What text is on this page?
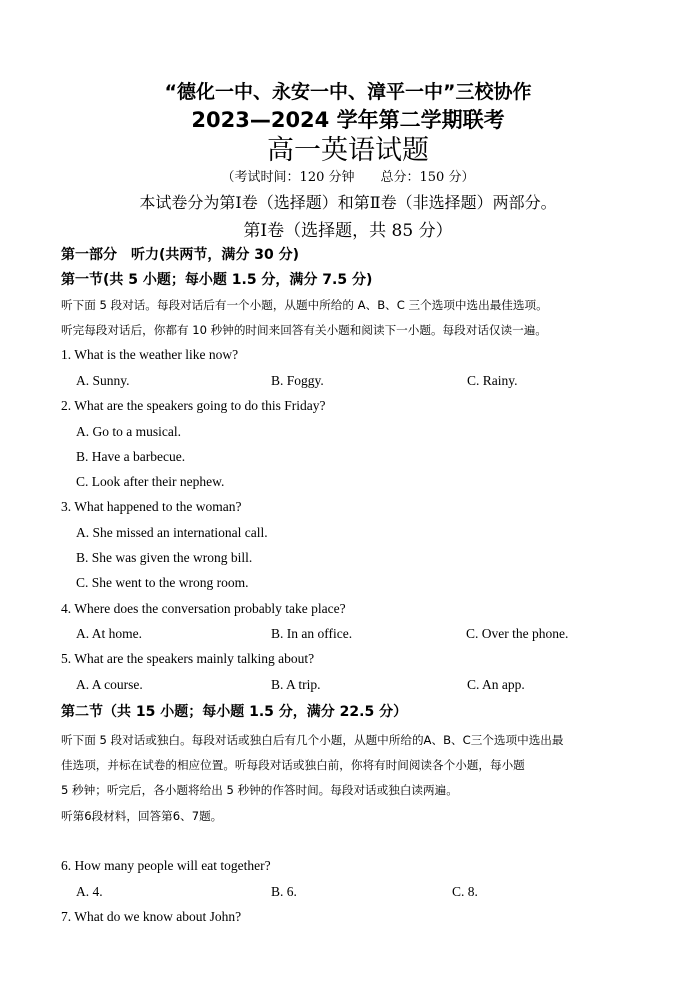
“德化一中、永安一中、漳平一中”三校协作
2023—2024 学年第二学期联考
高一英语试题
（考试时间：120 分钟　　总分：150 分）
本试卷分为第Ⅰ卷（选择题）和第Ⅱ卷（非选择题）两部分。
第Ⅰ卷（选择题，共 85 分）
第一部分　听力(共两节，满分 30 分)
第一节(共 5 小题；每小题 1.5 分，满分 7.5 分)
听下面 5 段对话。每段对话后有一个小题，从题中所给的 A、B、C 三个选项中选出最佳选项。
听完每段对话后，你都有 10 秒钟的时间来回答有关小题和阅读下一小题。每段对话仅读一遍。
1. What is the weather like now?
A. Sunny.	B. Foggy.	C. Rainy.
2. What are the speakers going to do this Friday?
A. Go to a musical.
B. Have a barbecue.
C. Look after their nephew.
3. What happened to the woman?
A. She missed an international call.
B. She was given the wrong bill.
C. She went to the wrong room.
4. Where does the conversation probably take place?
A. At home.	B. In an office.	C. Over the phone.
5. What are the speakers mainly talking about?
A. A course.	B. A trip.	C. An app.
第二节（共 15 小题；每小题 1.5 分，满分 22.5 分）
听下面 5 段对话或独白。每段对话或独白后有几个小题，从题中所给的A、B、C三个选项中选出最
佳选项，并标在试卷的相应位置。听每段对话或独白前，你将有时间阅读各个小题，每小题
5 秒钟；听完后，各小题将给出 5 秒钟的作答时间。每段对话或独白读两遍。
听第6段材料，回答第6、7题。
6. How many people will eat together?
A. 4.	B. 6.	C. 8.
7. What do we know about John?
